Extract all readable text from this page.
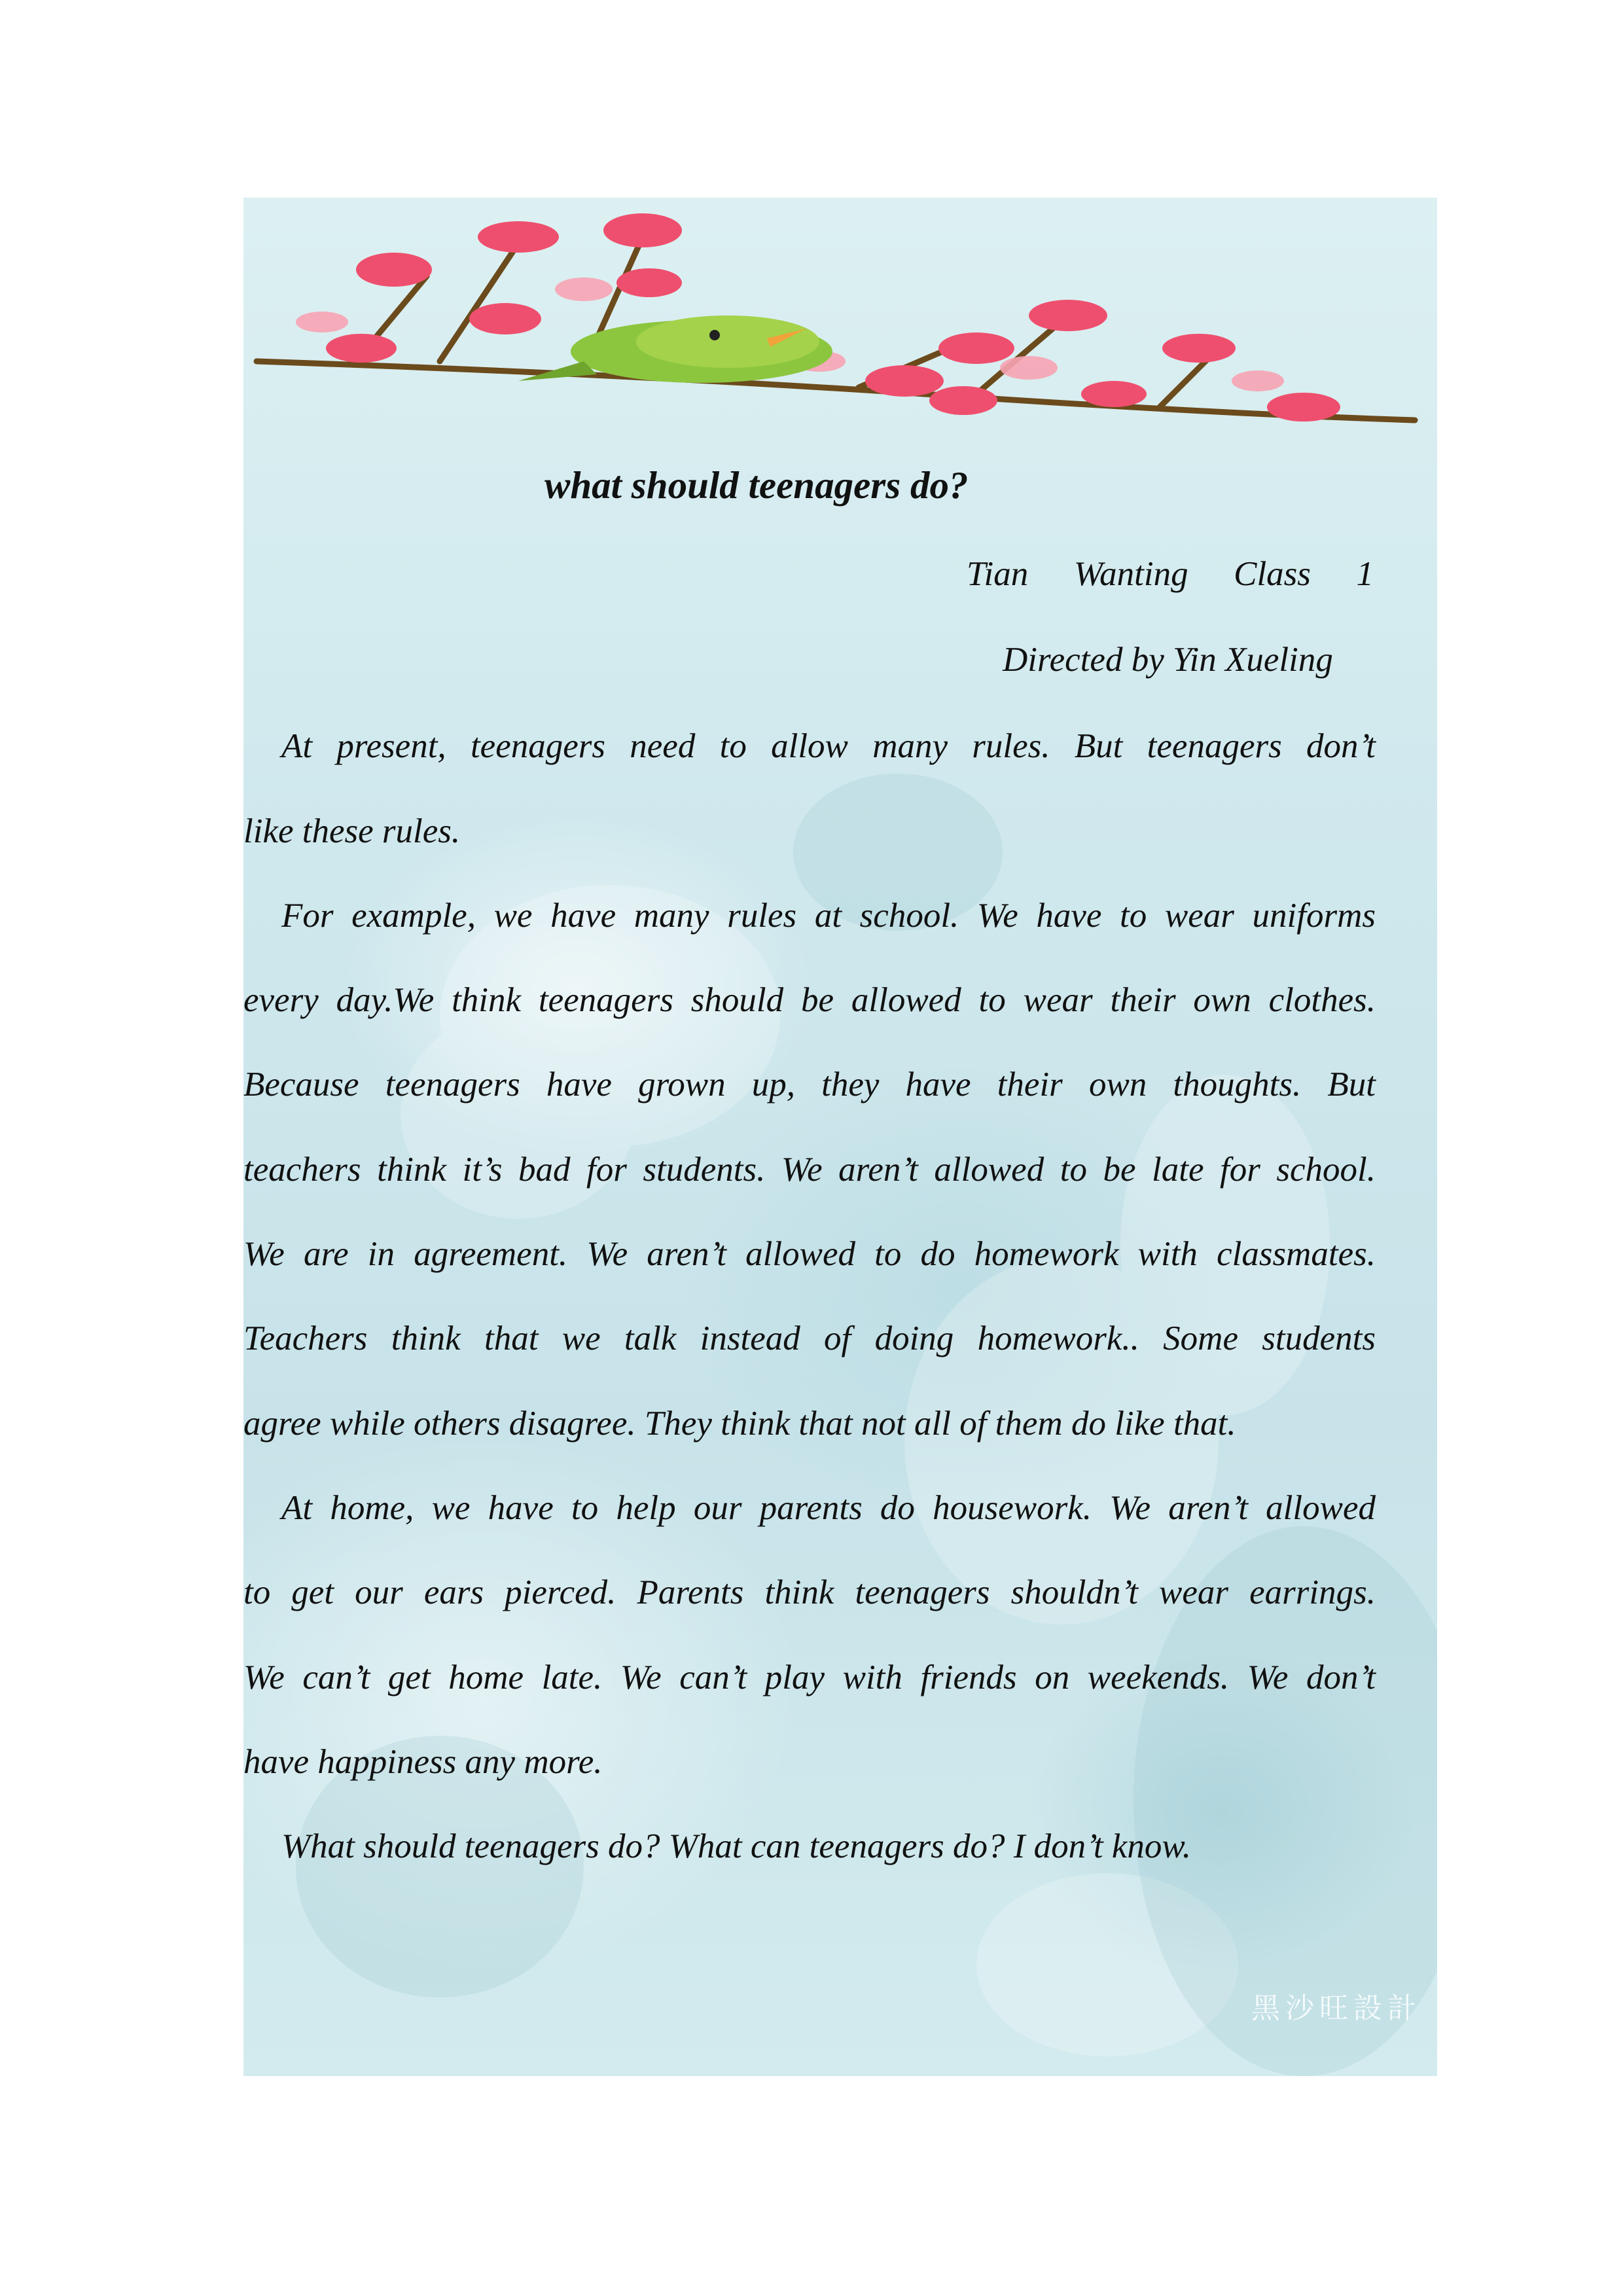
what should teenagers do?
Tian Wanting Class 1
Directed by Yin Xueling
At present, teenagers need to allow many rules. But teenagers don’t
like these rules.
For example, we have many rules at school. We have to wear uniforms
every day.We think teenagers should be allowed to wear their own clothes.
Because teenagers have grown up, they have their own thoughts. But
teachers think it’s bad for students. We aren’t allowed to be late for school.
We are in agreement. We aren’t allowed to do homework with classmates.
Teachers think that we talk instead of doing homework.. Some students
agree while others disagree. They think that not all of them do like that.
At home, we have to help our parents do housework. We aren’t allowed
to get our ears pierced. Parents think teenagers shouldn’t wear earrings.
We can’t get home late. We can’t play with friends on weekends. We don’t
have happiness any more.
What should teenagers do? What can teenagers do? I don’t know.
黑沙旺設計
